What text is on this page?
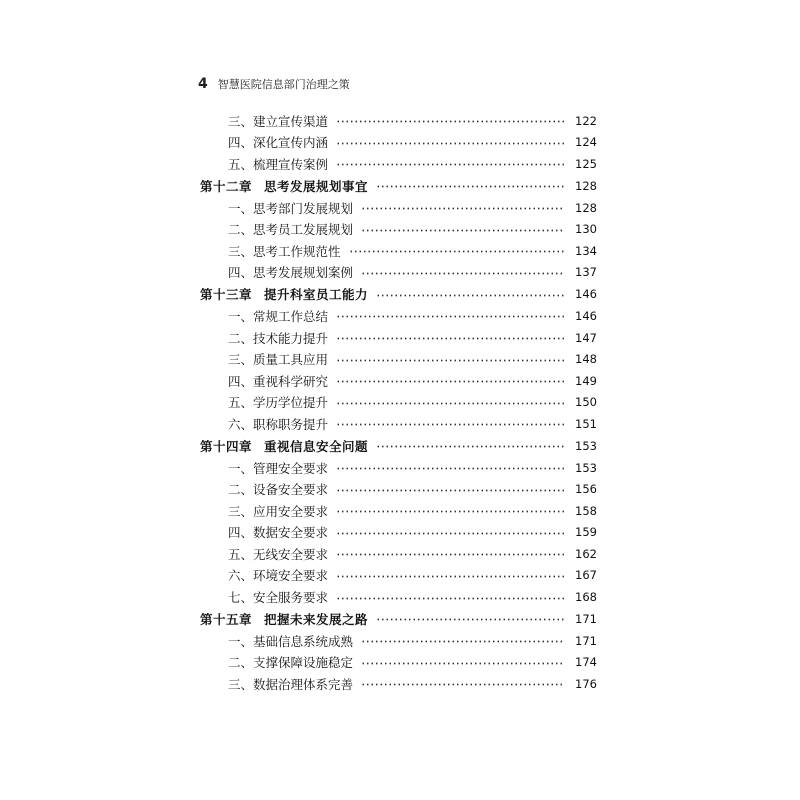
4 智慧医院信息部门治理之策
三、建立宣传渠道	122
四、深化宣传内涵	124
五、梳理宣传案例	125
第十二章 思考发展规划事宜	128
一、思考部门发展规划	128
二、思考员工发展规划	130
三、思考工作规范性	134
四、思考发展规划案例	137
第十三章 提升科室员工能力	146
一、常规工作总结	146
二、技术能力提升	147
三、质量工具应用	148
四、重视科学研究	149
五、学历学位提升	150
六、职称职务提升	151
第十四章 重视信息安全问题	153
一、管理安全要求	153
二、设备安全要求	156
三、应用安全要求	158
四、数据安全要求	159
五、无线安全要求	162
六、环境安全要求	167
七、安全服务要求	168
第十五章 把握未来发展之路	171
一、基础信息系统成熟	171
二、支撑保障设施稳定	174
三、数据治理体系完善	176
